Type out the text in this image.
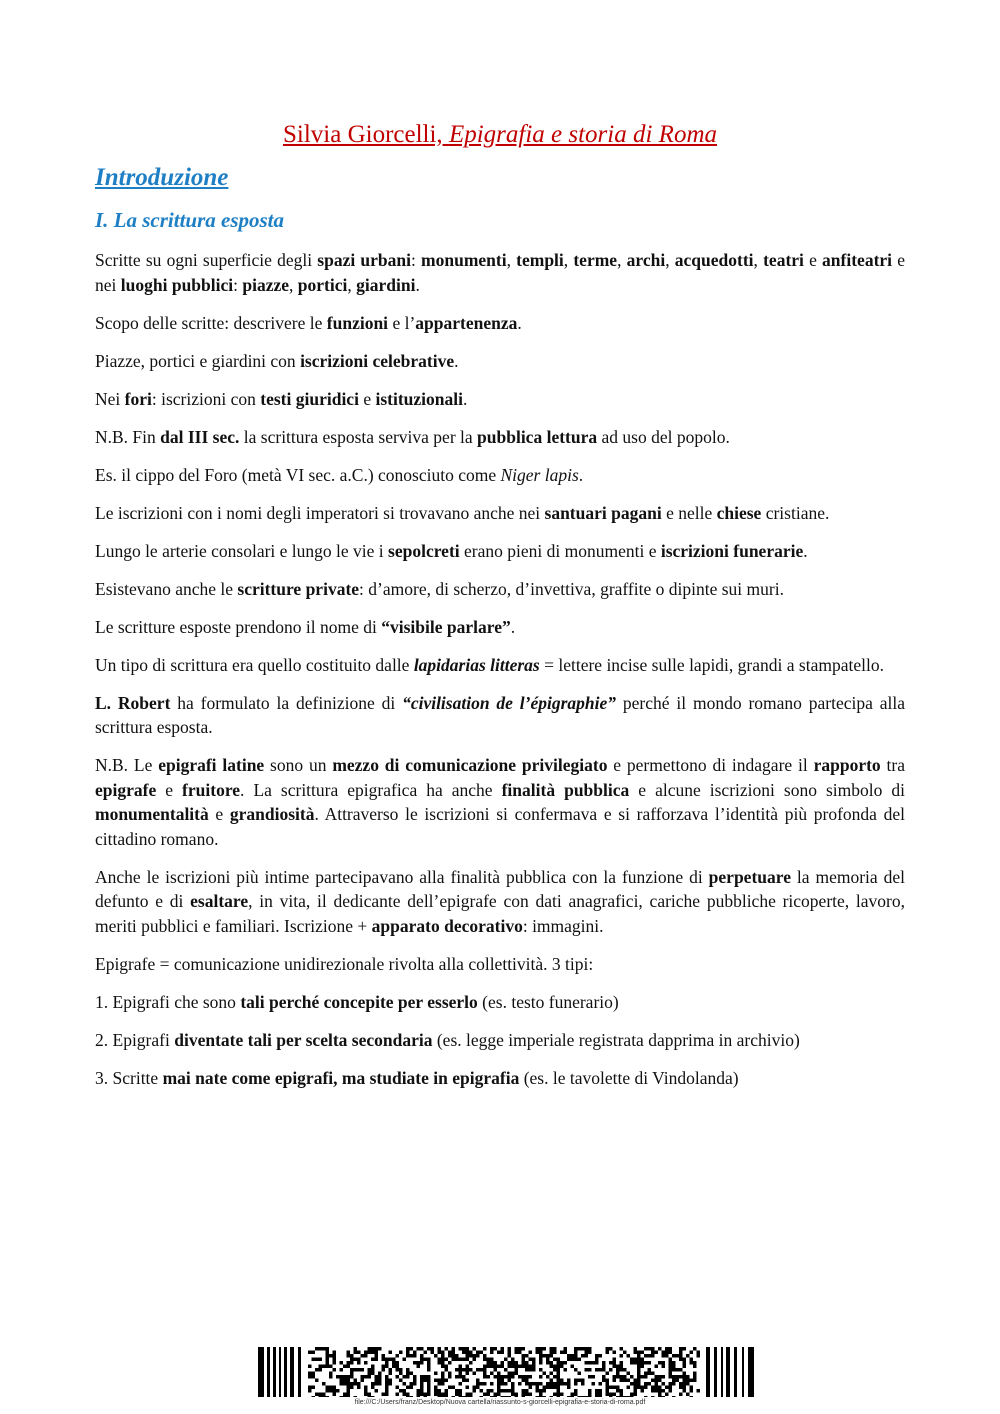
Silvia Giorcelli, Epigrafia e storia di Roma
Introduzione
I. La scrittura esposta

Scritte su ogni superficie degli spazi urbani: monumenti, templi, terme, archi, acquedotti, teatri e anfiteatri e nei luoghi pubblici: piazze, portici, giardini.

Scopo delle scritte: descrivere le funzioni e l’appartenenza.

Piazze, portici e giardini con iscrizioni celebrative.

Nei fori: iscrizioni con testi giuridici e istituzionali.

N.B. Fin dal III sec. la scrittura esposta serviva per la pubblica lettura ad uso del popolo.

Es. il cippo del Foro (metà VI sec. a.C.) conosciuto come Niger lapis.

Le iscrizioni con i nomi degli imperatori si trovavano anche nei santuari pagani e nelle chiese cristiane.

Lungo le arterie consolari e lungo le vie i sepolcreti erano pieni di monumenti e iscrizioni funerarie.

Esistevano anche le scritture private: d’amore, di scherzo, d’invettiva, graffite o dipinte sui muri.

Le scritture esposte prendono il nome di “visibile parlare”.

Un tipo di scrittura era quello costituito dalle lapidarias litteras = lettere incise sulle lapidi, grandi a stampatello.

L. Robert ha formulato la definizione di “civilisation de l’épigraphie” perché il mondo romano partecipa alla scrittura esposta.

N.B. Le epigrafi latine sono un mezzo di comunicazione privilegiato e permettono di indagare il rapporto tra epigrafe e fruitore. La scrittura epigrafica ha anche finalità pubblica e alcune iscrizioni sono simbolo di monumentalità e grandiosità. Attraverso le iscrizioni si confermava e si rafforzava l’identità più profonda del cittadino romano.

Anche le iscrizioni più intime partecipavano alla finalità pubblica con la funzione di perpetuare la memoria del defunto e di esaltare, in vita, il dedicante dell’epigrafe con dati anagrafici, cariche pubbliche ricoperte, lavoro, meriti pubblici e familiari. Iscrizione + apparato decorativo: immagini.

Epigrafe = comunicazione unidirezionale rivolta alla collettività. 3 tipi:

1. Epigrafi che sono tali perché concepite per esserlo (es. testo funerario)

2. Epigrafi diventate tali per scelta secondaria (es. legge imperiale registrata dapprima in archivio)

3. Scritte mai nate come epigrafi, ma studiate in epigrafia (es. le tavolette di Vindolanda)

file:///C:/Users/franz/Desktop/Nuova cartella/riassunto-s-giorcelli-epigrafia-e-storia-di-roma.pdf
